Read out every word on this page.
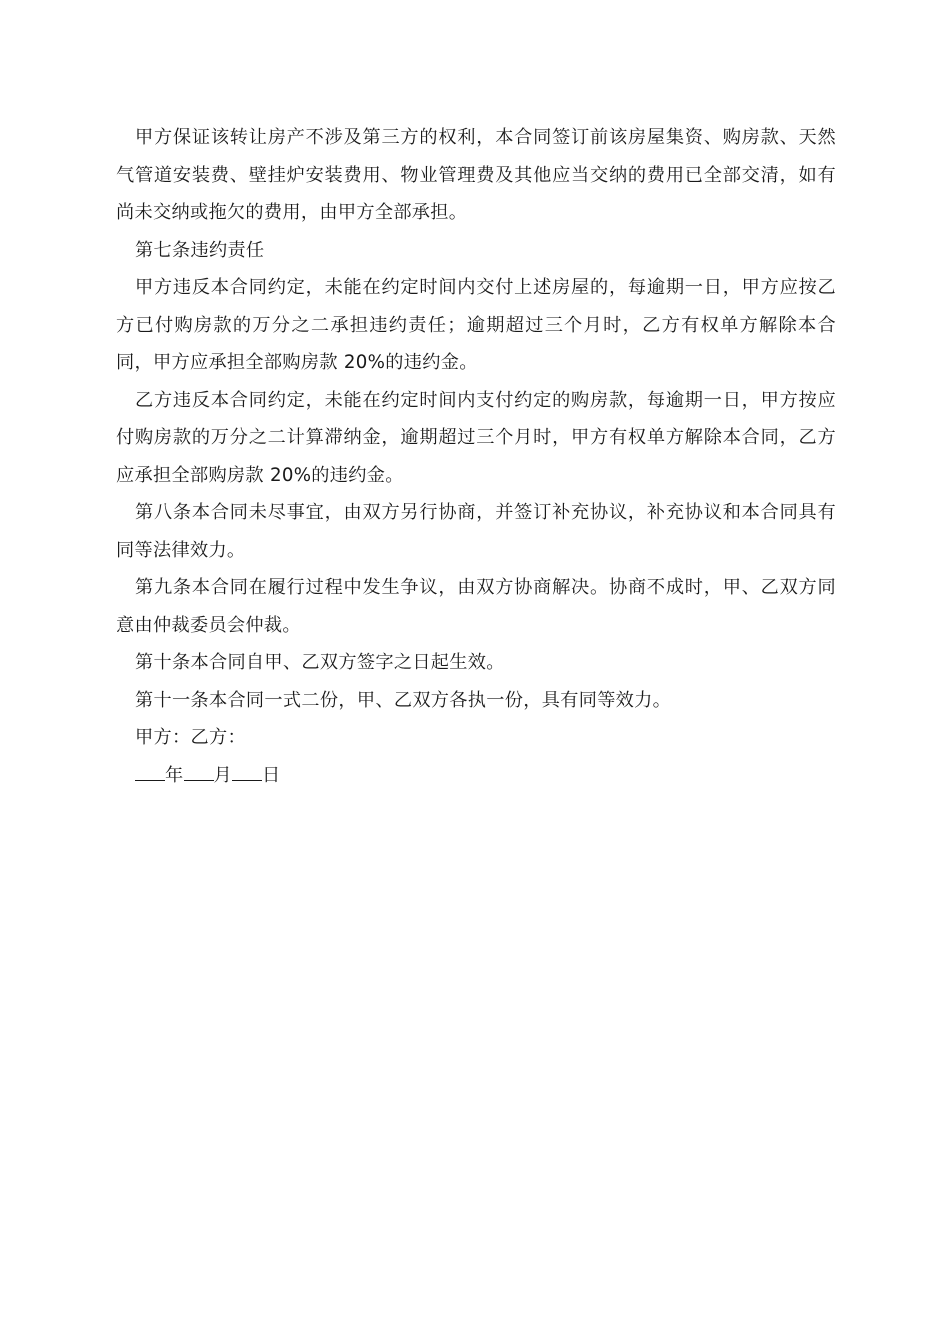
甲方保证该转让房产不涉及第三方的权利，本合同签订前该房屋集资、购房款、天然气管道安装费、壁挂炉安装费用、物业管理费及其他应当交纳的费用已全部交清，如有尚未交纳或拖欠的费用，由甲方全部承担。

第七条违约责任

甲方违反本合同约定，未能在约定时间内交付上述房屋的，每逾期一日，甲方应按乙方已付购房款的万分之二承担违约责任；逾期超过三个月时，乙方有权单方解除本合同，甲方应承担全部购房款 20%的违约金。

乙方违反本合同约定，未能在约定时间内支付约定的购房款，每逾期一日，甲方按应付购房款的万分之二计算滞纳金，逾期超过三个月时，甲方有权单方解除本合同，乙方应承担全部购房款 20%的违约金。

第八条本合同未尽事宜，由双方另行协商，并签订补充协议，补充协议和本合同具有同等法律效力。

第九条本合同在履行过程中发生争议，由双方协商解决。协商不成时，甲、乙双方同意由仲裁委员会仲裁。

第十条本合同自甲、乙双方签字之日起生效。

第十一条本合同一式二份，甲、乙双方各执一份，具有同等效力。

甲方：乙方：

年 月 日
